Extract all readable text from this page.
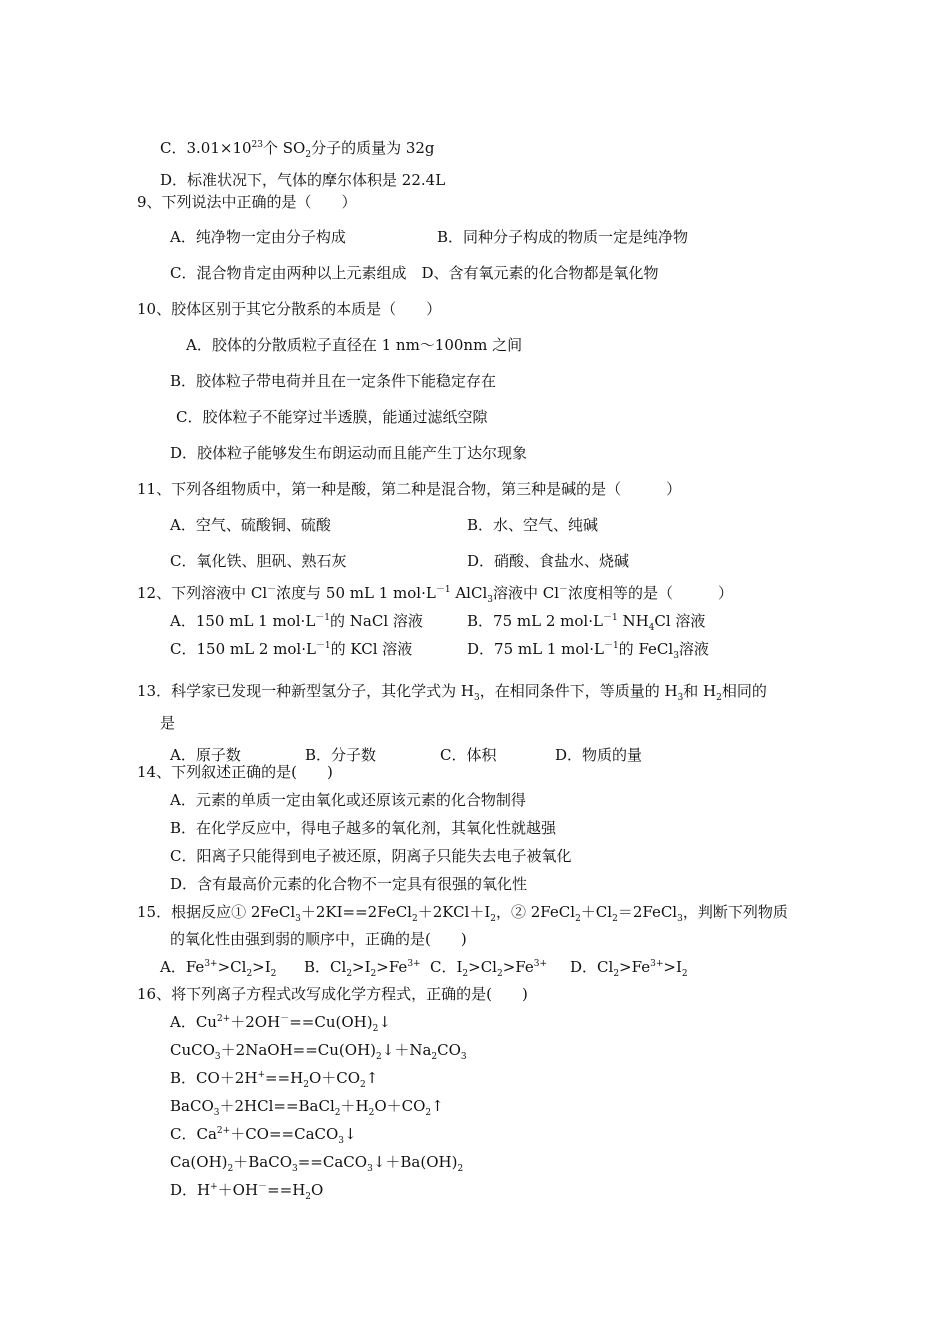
C．$3.01\times 10^{23}$个 $SO_2$分子的质量为 32g
D．标准状况下，气体的摩尔体积是 22.4L
9、下列说法中正确的是（　　）
A．纯净物一定由分子构成	B．同种分子构成的物质一定是纯净物
C．混合物肯定由两种以上元素组成　D、含有氧元素的化合物都是氧化物
10、胶体区别于其它分散系的本质是（　　）
A．胶体的分散质粒子直径在 1 nm～100nm 之间
B．胶体粒子带电荷并且在一定条件下能稳定存在
C．胶体粒子不能穿过半透膜，能通过滤纸空隙
D．胶体粒子能够发生布朗运动而且能产生丁达尔现象
11、下列各组物质中，第一种是酸，第二种是混合物，第三种是碱的是（　　　）
A．空气、硫酸铜、硫酸	B．水、空气、纯碱
C．氧化铁、胆矾、熟石灰	D．硝酸、食盐水、烧碱
12、下列溶液中 Cl－浓度与 50 mL 1 $mol\cdot L^{-1}$ AlCl$_3$溶液中 Cl－浓度相等的是（　　　）
A．150 mL 1 $mol\cdot L^{-1}$的 NaCl 溶液	B．75 mL 2 $mol\cdot L^{-1}$ $NH_4Cl$ 溶液
C．150 mL 2 $mol\cdot L^{-1}$的 KCl 溶液	D．75 mL 1 $mol\cdot L^{-1}$的 FeCl$_3$溶液
13．科学家已发现一种新型氢分子，其化学式为 $H_3$，在相同条件下，等质量的 $H_3$和 $H_2$相同的
是
A．原子数	B．分子数	C．体积	D．物质的量
14、下列叙述正确的是(　　)
A．元素的单质一定由氧化或还原该元素的化合物制得
B．在化学反应中，得电子越多的氧化剂，其氧化性就越强
C．阳离子只能得到电子被还原，阴离子只能失去电子被氧化
D．含有最高价元素的化合物不一定具有很强的氧化性
15．根据反应① $2FeCl_3+2KI==2FeCl_2+2KCl+I_2$，② $2FeCl_2+Cl_2=2FeCl_3$，判断下列物质
的氧化性由强到弱的顺序中，正确的是(　　)
A．$Fe^{3+}>Cl_2>I_2$ B．$Cl_2>I_2>Fe^{3+}$ C．$I_2>Cl_2>Fe^{3+}$ D．$Cl_2>Fe^{3+}>I_2$
16、将下列离子方程式改写成化学方程式，正确的是(　　)
A．$Cu^{2+}+2OH^-==Cu(OH)_2↓$
$CuCO_3+2NaOH==Cu(OH)_2↓+Na_2CO_3$
B．$CO+2H^+==H_2O+CO_2↑$
$BaCO_3+2HCl==BaCl_2+H_2O+CO_2↑$
C．$Ca^{2+}+CO==CaCO_3↓$
$Ca(OH)_2+BaCO_3==CaCO_3↓+Ba(OH)_2$
D．$H^++OH^-==H_2O$
